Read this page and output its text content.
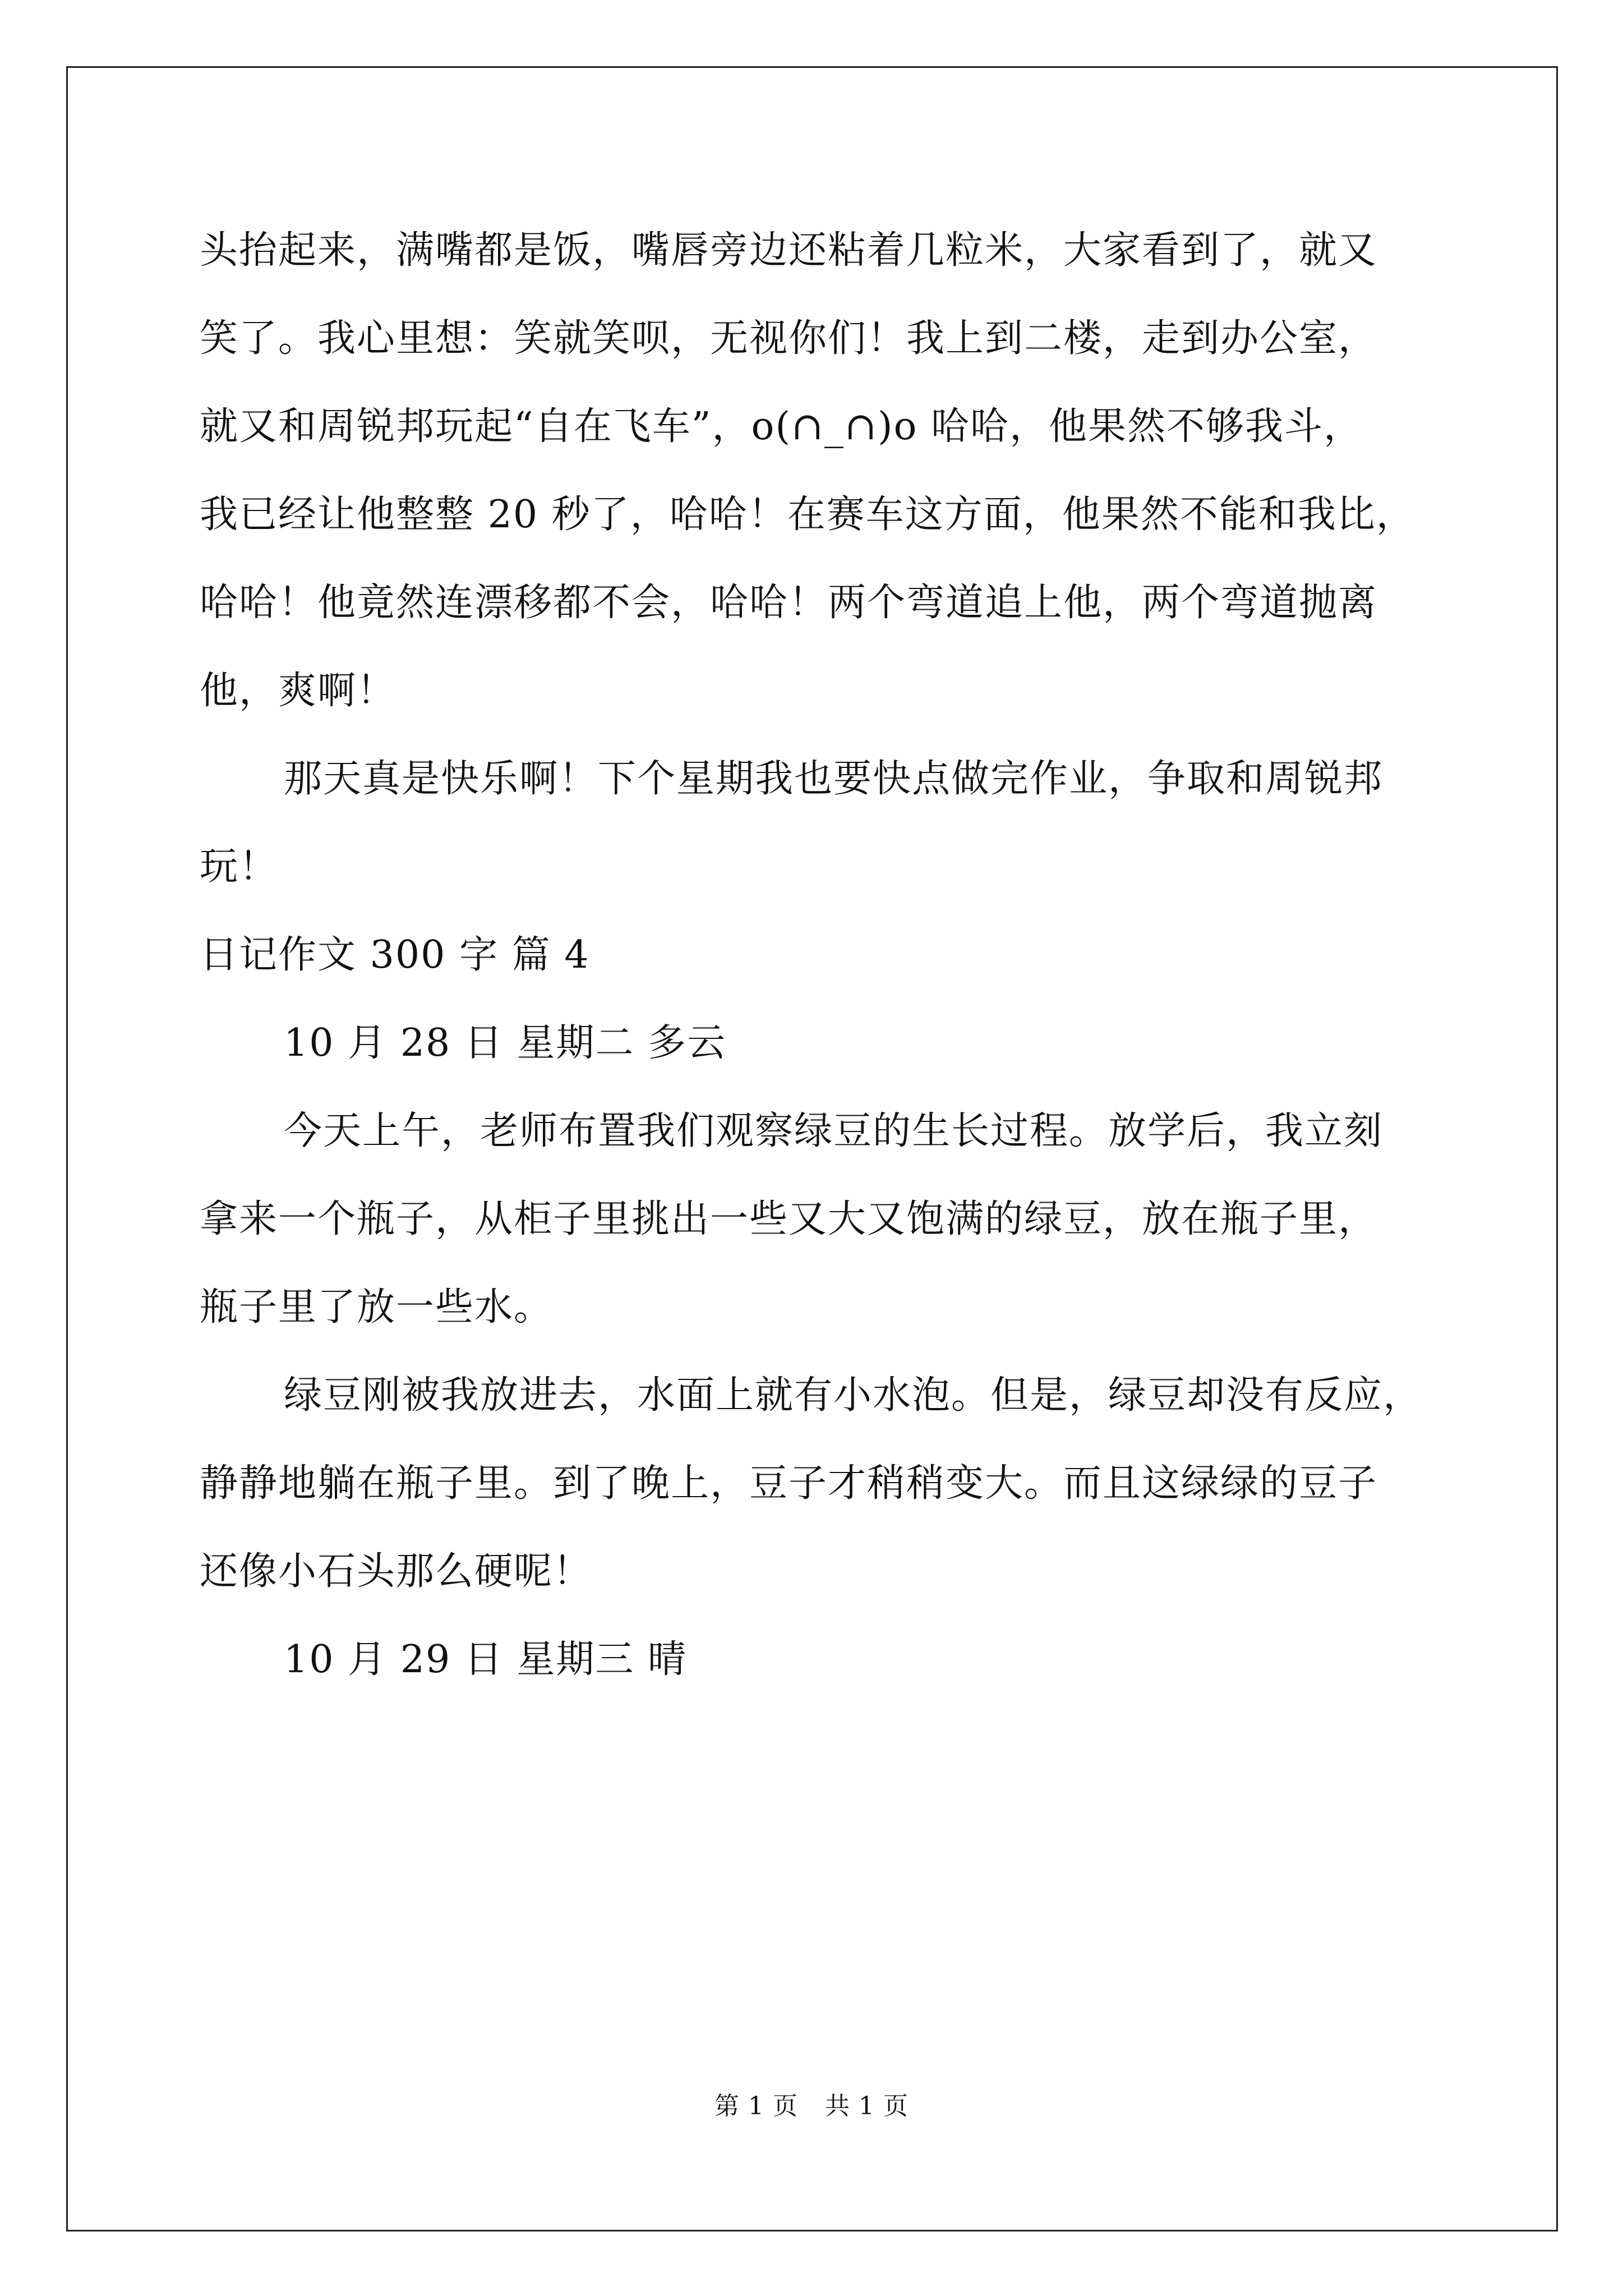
头抬起来，满嘴都是饭，嘴唇旁边还粘着几粒米，大家看到了，就又
笑了。我心里想：笑就笑呗，无视你们！我上到二楼，走到办公室，
就又和周锐邦玩起“自在飞车”，o(∩_∩)o 哈哈，他果然不够我斗，
我已经让他整整 20 秒了，哈哈！在赛车这方面，他果然不能和我比，
哈哈！他竟然连漂移都不会，哈哈！两个弯道追上他，两个弯道抛离
他，爽啊！
那天真是快乐啊！下个星期我也要快点做完作业，争取和周锐邦
玩！
日记作文 300 字 篇 4
10 月 28 日 星期二 多云
今天上午，老师布置我们观察绿豆的生长过程。放学后，我立刻
拿来一个瓶子，从柜子里挑出一些又大又饱满的绿豆，放在瓶子里，
瓶子里了放一些水。
绿豆刚被我放进去，水面上就有小水泡。但是，绿豆却没有反应，
静静地躺在瓶子里。到了晚上，豆子才稍稍变大。而且这绿绿的豆子
还像小石头那么硬呢！
10 月 29 日 星期三 晴
第 1 页 共 1 页
